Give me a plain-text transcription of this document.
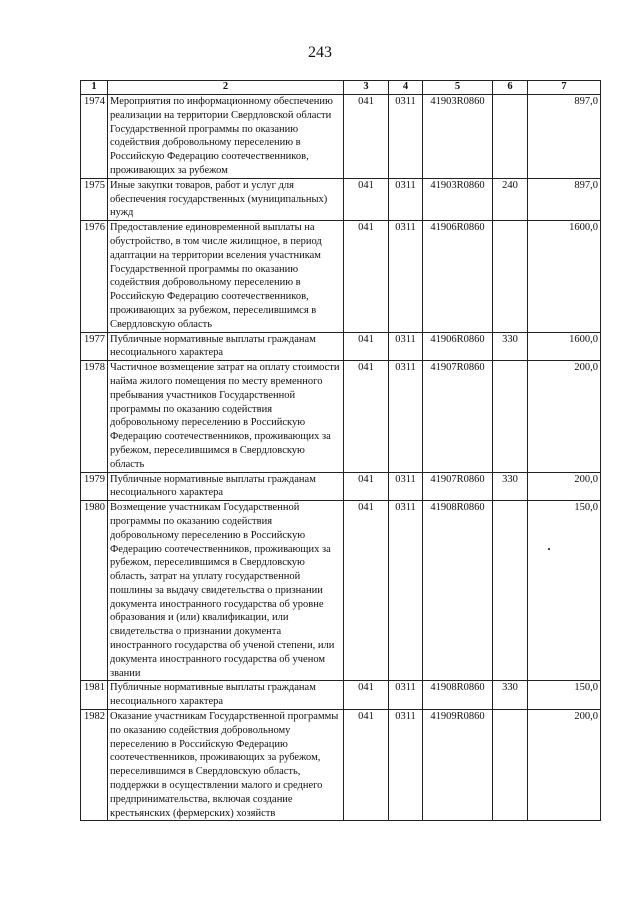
243
1	2	3	4	5	6	7
1974	Мероприятия по информационному обеспечению реализации на территории Свердловской области Государственной программы по оказанию содействия добровольному переселению в Российскую Федерацию соотечественников, проживающих за рубежом	041	0311	41903R0860		897,0
1975	Иные закупки товаров, работ и услуг для обеспечения государственных (муниципальных) нужд	041	0311	41903R0860	240	897,0
1976	Предоставление единовременной выплаты на обустройство, в том числе жилищное, в период адаптации на территории вселения участникам Государственной программы по оказанию содействия добровольному переселению в Российскую Федерацию соотечественников, проживающих за рубежом, переселившимся в Свердловскую область	041	0311	41906R0860		1600,0
1977	Публичные нормативные выплаты гражданам несоциального характера	041	0311	41906R0860	330	1600,0
1978	Частичное возмещение затрат на оплату стоимости найма жилого помещения по месту временного пребывания участников Государственной программы по оказанию содействия добровольному переселению в Российскую Федерацию соотечественников, проживающих за рубежом, переселившимся в Свердловскую область	041	0311	41907R0860		200,0
1979	Публичные нормативные выплаты гражданам несоциального характера	041	0311	41907R0860	330	200,0
1980	Возмещение участникам Государственной программы по оказанию содействия добровольному переселению в Российскую Федерацию соотечественников, проживающих за рубежом, переселившимся в Свердловскую область, затрат на уплату государственной пошлины за выдачу свидетельства о признании документа иностранного государства об уровне образования и (или) квалификации, или свидетельства о признании документа иностранного государства об ученой степени, или документа иностранного государства об ученом звании	041	0311	41908R0860		150,0
1981	Публичные нормативные выплаты гражданам несоциального характера	041	0311	41908R0860	330	150,0
1982	Оказание участникам Государственной программы по оказанию содействия добровольному переселению в Российскую Федерацию соотечественников, проживающих за рубежом, переселившимся в Свердловскую область, поддержки в осуществлении малого и среднего предпринимательства, включая создание крестьянских (фермерских) хозяйств	041	0311	41909R0860		200,0
